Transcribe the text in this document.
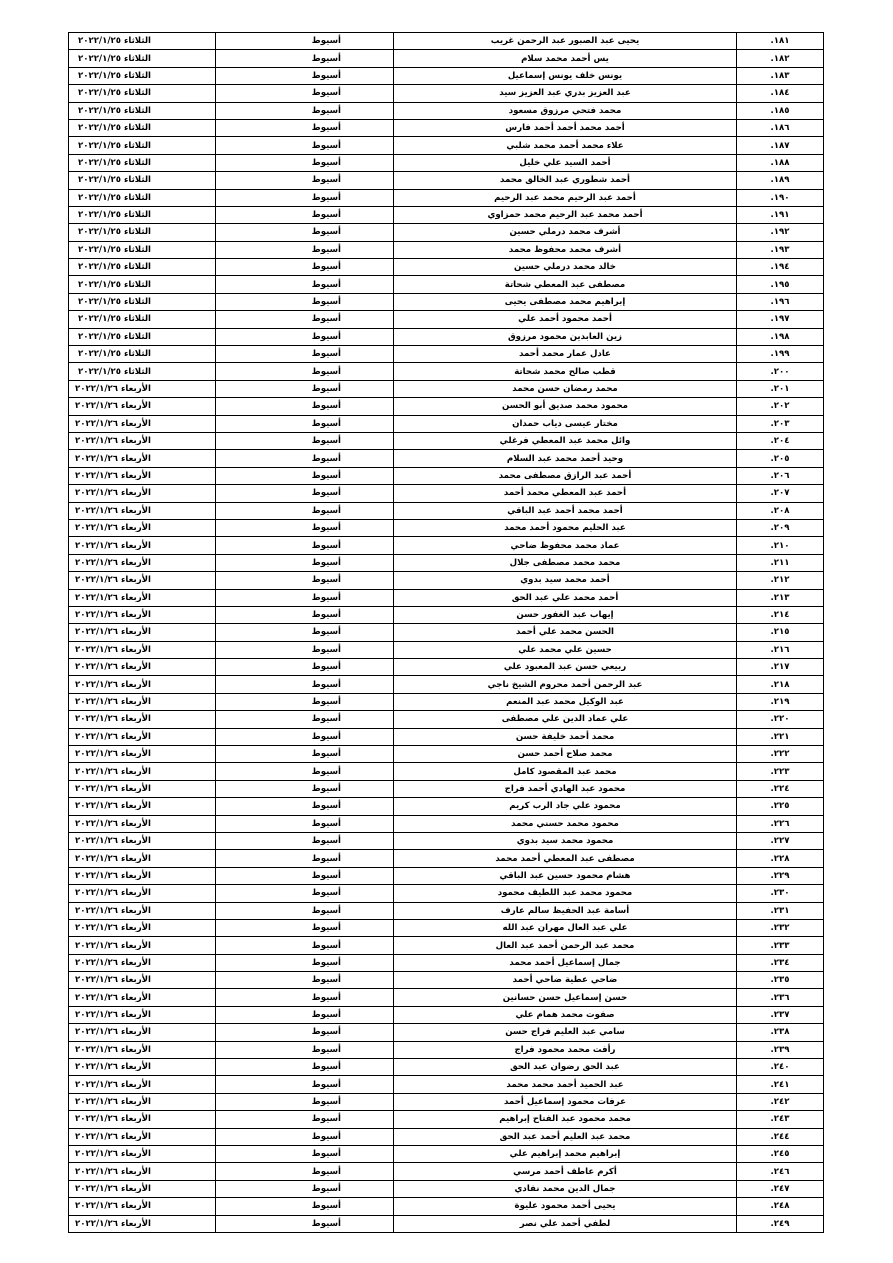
١٨١.	يحيى عبد الصبور عبد الرحمن غريب	أسيوط	الثلاثاء ٢٠٢٢/١/٢٥
١٨٢.	يس أحمد محمد سلام	أسيوط	الثلاثاء ٢٠٢٢/١/٢٥
١٨٣.	يونس خلف يونس إسماعيل	أسيوط	الثلاثاء ٢٠٢٢/١/٢٥
١٨٤.	عبد العزيز بدري عبد العزيز سيد	أسيوط	الثلاثاء ٢٠٢٢/١/٢٥
١٨٥.	محمد فتحي مرزوق مسعود	أسيوط	الثلاثاء ٢٠٢٢/١/٢٥
١٨٦.	أحمد محمد أحمد أحمد فارس	أسيوط	الثلاثاء ٢٠٢٢/١/٢٥
١٨٧.	علاء محمد أحمد محمد شلبي	أسيوط	الثلاثاء ٢٠٢٢/١/٢٥
١٨٨.	أحمد السيد علي خليل	أسيوط	الثلاثاء ٢٠٢٢/١/٢٥
١٨٩.	أحمد شطوري عبد الخالق محمد	أسيوط	الثلاثاء ٢٠٢٢/١/٢٥
١٩٠.	أحمد عبد الرحيم محمد عبد الرحيم	أسيوط	الثلاثاء ٢٠٢٢/١/٢٥
١٩١.	أحمد محمد عبد الرحيم محمد حمزاوي	أسيوط	الثلاثاء ٢٠٢٢/١/٢٥
١٩٢.	أشرف محمد درملي حسين	أسيوط	الثلاثاء ٢٠٢٢/١/٢٥
١٩٣.	أشرف محمد محفوظ محمد	أسيوط	الثلاثاء ٢٠٢٢/١/٢٥
١٩٤.	خالد محمد درملي حسين	أسيوط	الثلاثاء ٢٠٢٢/١/٢٥
١٩٥.	مصطفى عبد المعطي شحاتة	أسيوط	الثلاثاء ٢٠٢٢/١/٢٥
١٩٦.	إبراهيم محمد مصطفى يحيى	أسيوط	الثلاثاء ٢٠٢٢/١/٢٥
١٩٧.	أحمد محمود أحمد علي	أسيوط	الثلاثاء ٢٠٢٢/١/٢٥
١٩٨.	زين العابدين محمود مرزوق	أسيوط	الثلاثاء ٢٠٢٢/١/٢٥
١٩٩.	عادل عمار محمد أحمد	أسيوط	الثلاثاء ٢٠٢٢/١/٢٥
٢٠٠.	قطب صالح محمد شحاتة	أسيوط	الثلاثاء ٢٠٢٢/١/٢٥
٢٠١.	محمد رمضان حسن محمد	أسيوط	الأربعاء ٢٠٢٢/١/٢٦
٢٠٢.	محمود محمد صديق أبو الحسن	أسيوط	الأربعاء ٢٠٢٢/١/٢٦
٢٠٣.	مختار عيسى دياب حمدان	أسيوط	الأربعاء ٢٠٢٢/١/٢٦
٢٠٤.	وائل محمد عبد المعطي فرغلي	أسيوط	الأربعاء ٢٠٢٢/١/٢٦
٢٠٥.	وحيد أحمد محمد عبد السلام	أسيوط	الأربعاء ٢٠٢٢/١/٢٦
٢٠٦.	أحمد عبد الرازق مصطفى محمد	أسيوط	الأربعاء ٢٠٢٢/١/٢٦
٢٠٧.	أحمد عبد المعطي محمد أحمد	أسيوط	الأربعاء ٢٠٢٢/١/٢٦
٢٠٨.	أحمد محمد أحمد عبد الباقي	أسيوط	الأربعاء ٢٠٢٢/١/٢٦
٢٠٩.	عبد الحليم محمود أحمد محمد	أسيوط	الأربعاء ٢٠٢٢/١/٢٦
٢١٠.	عماد محمد محفوظ ضاحي	أسيوط	الأربعاء ٢٠٢٢/١/٢٦
٢١١.	محمد محمد مصطفى جلال	أسيوط	الأربعاء ٢٠٢٢/١/٢٦
٢١٢.	أحمد محمد سيد بدوي	أسيوط	الأربعاء ٢٠٢٢/١/٢٦
٢١٣.	أحمد محمد علي عبد الحق	أسيوط	الأربعاء ٢٠٢٢/١/٢٦
٢١٤.	إيهاب عبد الغفور حسن	أسيوط	الأربعاء ٢٠٢٢/١/٢٦
٢١٥.	الحسن محمد علي أحمد	أسيوط	الأربعاء ٢٠٢٢/١/٢٦
٢١٦.	حسين علي محمد علي	أسيوط	الأربعاء ٢٠٢٢/١/٢٦
٢١٧.	ربيعي حسن عبد المعبود علي	أسيوط	الأربعاء ٢٠٢٢/١/٢٦
٢١٨.	عبد الرحمن أحمد محروم الشيخ ناجي	أسيوط	الأربعاء ٢٠٢٢/١/٢٦
٢١٩.	عبد الوكيل محمد عبد المنعم	أسيوط	الأربعاء ٢٠٢٢/١/٢٦
٢٢٠.	علي عماد الدين علي مصطفى	أسيوط	الأربعاء ٢٠٢٢/١/٢٦
٢٢١.	محمد أحمد خليفة حسن	أسيوط	الأربعاء ٢٠٢٢/١/٢٦
٢٢٢.	محمد صلاح أحمد حسن	أسيوط	الأربعاء ٢٠٢٢/١/٢٦
٢٢٣.	محمد عبد المقصود كامل	أسيوط	الأربعاء ٢٠٢٢/١/٢٦
٢٢٤.	محمود عبد الهادي أحمد فراج	أسيوط	الأربعاء ٢٠٢٢/١/٢٦
٢٢٥.	محمود علي جاد الرب كريم	أسيوط	الأربعاء ٢٠٢٢/١/٢٦
٢٢٦.	محمود محمد حسني محمد	أسيوط	الأربعاء ٢٠٢٢/١/٢٦
٢٢٧.	محمود محمد سيد بدوي	أسيوط	الأربعاء ٢٠٢٢/١/٢٦
٢٢٨.	مصطفى عبد المعطي أحمد محمد	أسيوط	الأربعاء ٢٠٢٢/١/٢٦
٢٢٩.	هشام محمود حسين عبد الباقي	أسيوط	الأربعاء ٢٠٢٢/١/٢٦
٢٣٠.	محمود محمد عبد اللطيف محمود	أسيوط	الأربعاء ٢٠٢٢/١/٢٦
٢٣١.	أسامة عبد الحفيظ سالم عارف	أسيوط	الأربعاء ٢٠٢٢/١/٢٦
٢٣٢.	علي عبد العال مهران عبد الله	أسيوط	الأربعاء ٢٠٢٢/١/٢٦
٢٣٣.	محمد عبد الرحمن أحمد عبد العال	أسيوط	الأربعاء ٢٠٢٢/١/٢٦
٢٣٤.	جمال إسماعيل أحمد محمد	أسيوط	الأربعاء ٢٠٢٢/١/٢٦
٢٣٥.	ضاحي عطية ضاحي أحمد	أسيوط	الأربعاء ٢٠٢٢/١/٢٦
٢٣٦.	حسن إسماعيل حسن حسانين	أسيوط	الأربعاء ٢٠٢٢/١/٢٦
٢٣٧.	صفوت محمد همام علي	أسيوط	الأربعاء ٢٠٢٢/١/٢٦
٢٣٨.	سامي عبد العليم فراج حسن	أسيوط	الأربعاء ٢٠٢٢/١/٢٦
٢٣٩.	رأفت محمد محمود فراج	أسيوط	الأربعاء ٢٠٢٢/١/٢٦
٢٤٠.	عبد الحق رضوان عبد الحق	أسيوط	الأربعاء ٢٠٢٢/١/٢٦
٢٤١.	عبد الحميد أحمد محمد محمد	أسيوط	الأربعاء ٢٠٢٢/١/٢٦
٢٤٢.	عرفات محمود إسماعيل أحمد	أسيوط	الأربعاء ٢٠٢٢/١/٢٦
٢٤٣.	محمد محمود عبد الفتاح إبراهيم	أسيوط	الأربعاء ٢٠٢٢/١/٢٦
٢٤٤.	محمد عبد العليم أحمد عبد الحق	أسيوط	الأربعاء ٢٠٢٢/١/٢٦
٢٤٥.	إبراهيم محمد إبراهيم علي	أسيوط	الأربعاء ٢٠٢٢/١/٢٦
٢٤٦.	أكرم عاطف أحمد مرسي	أسيوط	الأربعاء ٢٠٢٢/١/٢٦
٢٤٧.	جمال الدين محمد نفادي	أسيوط	الأربعاء ٢٠٢٢/١/٢٦
٢٤٨.	يحيى أحمد محمود عليوة	أسيوط	الأربعاء ٢٠٢٢/١/٢٦
٢٤٩.	لطفي أحمد علي نصر	أسيوط	الأربعاء ٢٠٢٢/١/٢٦
